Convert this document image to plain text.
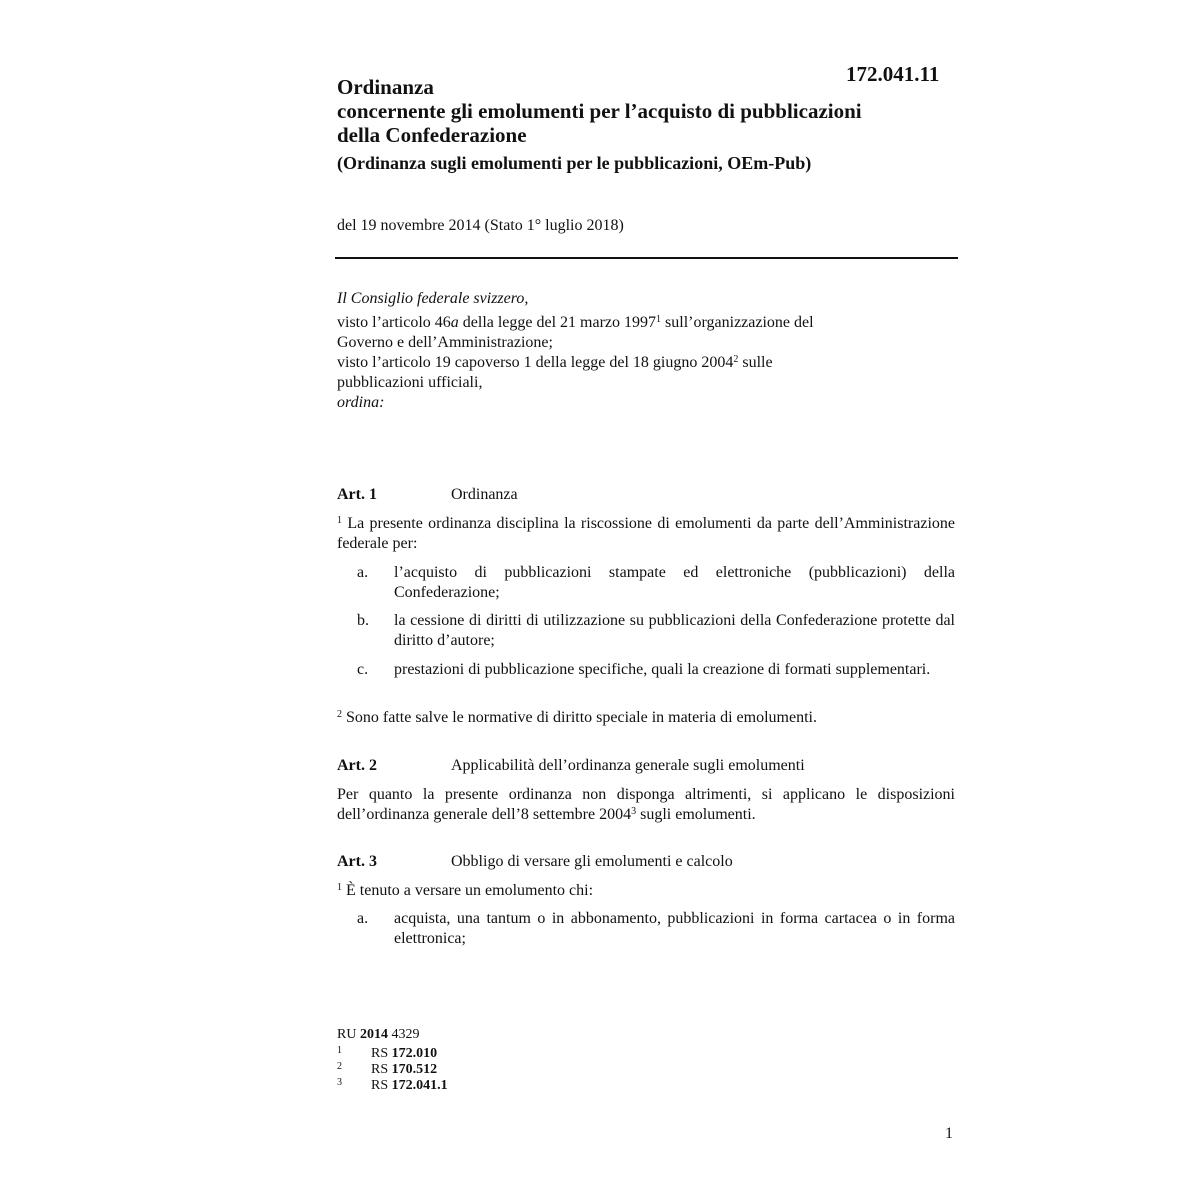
172.041.11
Ordinanza
concernente gli emolumenti per l’acquisto di pubblicazioni
della Confederazione
(Ordinanza sugli emolumenti per le pubblicazioni, OEm-Pub)
del 19 novembre 2014 (Stato 1° luglio 2018)

Il Consiglio federale svizzero,

visto l’articolo 46a della legge del 21 marzo 1997$^1$ sull’organizzazione del

Governo e dell’Amministrazione;

visto l’articolo 19 capoverso 1 della legge del 18 giugno 2004$^2$ sulle

pubblicazioni ufficiali,

ordina:

Art. 1	Ordinanza
$^1$ La presente ordinanza disciplina la riscossione di emolumenti da parte dell’Amministrazione federale per:
a.	l’acquisto di pubblicazioni stampate ed elettroniche (pubblicazioni) della Confederazione;
b.	la cessione di diritti di utilizzazione su pubblicazioni della Confederazione protette dal diritto d’autore;
c.	prestazioni di pubblicazione specifiche, quali la creazione di formati supplementari.
$^2$ Sono fatte salve le normative di diritto speciale in materia di emolumenti.
Art. 2	Applicabilità dell’ordinanza generale sugli emolumenti
Per quanto la presente ordinanza non disponga altrimenti, si applicano le disposizioni dell’ordinanza generale dell’8 settembre 2004$^3$ sugli emolumenti.
Art. 3	Obbligo di versare gli emolumenti e calcolo
$^1$ È tenuto a versare un emolumento chi:
a.	acquista, una tantum o in abbonamento, pubblicazioni in forma cartacea o in forma elettronica;
RU 2014 4329
1 RS 172.010
2 RS 170.512
3 RS 172.041.1
1
